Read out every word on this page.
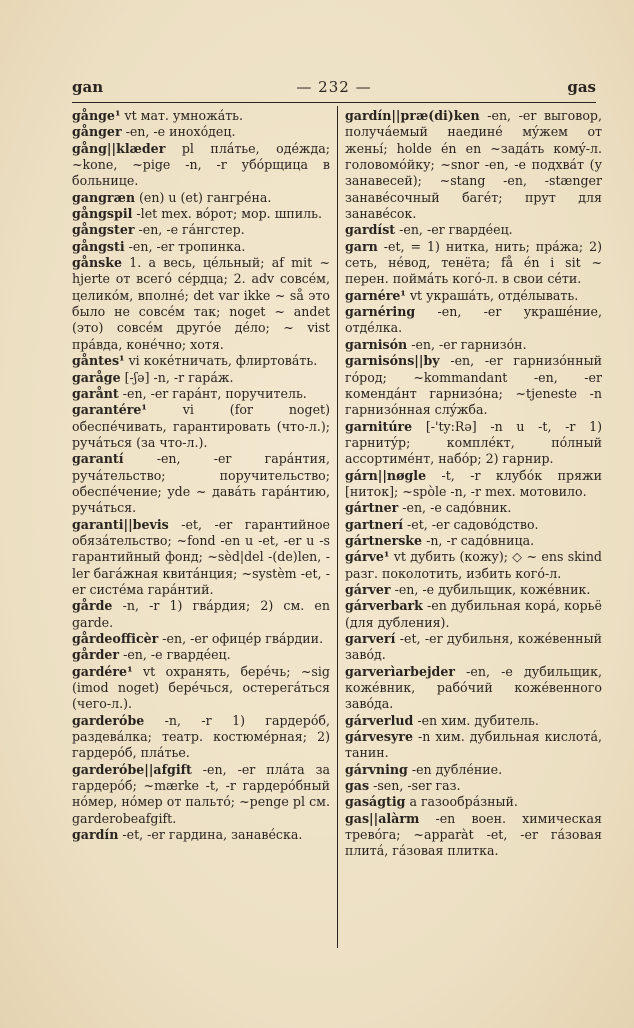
gan	— 232 —	gas

gånge¹ vt мат. умножáть.

gånger -en, -e инохóдец.

gång||klæder pl плáтье, одéжда; ~kone, ~pige -n, -r убóрщица в больнице.

gangræn (en) u (et) гангрéна.

gångspil -let mex. вóрот; мор. шпиль.

gångster -en, -e гáнгстер.

gångsti -en, -er тропинка.

gånske 1. a весь, цéльный; af mit ~ hjerte от всегó сéрдца; 2. adv совсéм, целикóм, вполнé; det var ikke ~ så это было не совсéм так; noget ~ andet (это) совсéм другóе дéло; ~ vist прáвда, конéчно; хотя.

gåntes¹ vi кокéтничать, флиртовáть.

garåge [-ʃə] -n, -r гарáж.

garånt -en, -er гарáнт, поручитель.

garantére¹ vi (for noget) обеспéчивать, гарантировать (что-л.); ручáться (за что-л.).

garantí -en, -er гарáнтия, ручáтельство; поручительство; обеспéчение; yde ~ давáть гарáнтию, ручáться.

garanti||bevis -et, -er гарантийное обязáтельство; ~fond -en u -et, -er u -s гарантийный фонд; ~sèd|del -(de)len, -ler багáжная квитáнция; ~systèm -et, -er систéма гарáнтий.

gårde -n, -r 1) гвáрдия; 2) см. en garde.

gårdeofficèr -en, -er офицéр гвáрдии.

gårder -en, -e гвардéец.

gardére¹ vt охранять, берéчь; ~sig (imod noget) берéчься, остерегáться (чего-л.).

garderóbe -n, -r 1) гардерóб, раздевáлка; театр. костюмéрная; 2) гардерóб, плáтье.

garderóbe||afgift -en, -er плáта за гардерóб; ~mærke -t, -r гардерóбный нóмер, нóмер от пальтó; ~penge pl см. garderobeafgift.

gardín -et, -er гардина, занавéска.

gardín||præ(di)ken -en, -er выговор, получáемый наединé мýжем от женьí; holde én en ~задáть комý-л. головомóйку; ~snor -en, -e подхвáт (у занавесей); ~stang -en, -stænger занавéсочный багéт; прут для занавéсок.

gardíst -en, -er гвардéец.

garn -et, = 1) нитка, нить; прáжа; 2) сеть, нéвод, тенёта; få én i sit ~ перен. поймáть когó-л. в свои сéти.

garnére¹ vt украшáть, отдéлывать.

garnéring -en, -er украшéние, отдéлка.

garnisón -en, -er гарнизóн.

garnisóns||by -en, -er гарнизóнный гóрод; ~kommandant -en, -er комендáнт гарнизóна; ~tjeneste -n гарнизóнная слýжба.

garnitúre [-'ty:Rə] -n u -t, -r 1) гарнитýр; комплéкт, пóлный ассортимéнт, набóр; 2) гарнир.

gárn||nøgle -t, -r клубóк пряжи [ниток]; ~spòle -n, -r mex. мотовило.

gártner -en, -e садóвник.

gartnerí -et, -er садовóдство.

gártnerske -n, -r садóвница.

gárve¹ vt дубить (кожу); ◇ ~ ens skind разг. поколотить, избить когó-л.

gárver -en, -e дубильщик, кожéвник.

gárverbark -en дубильная корá, корьё (для дубления).

garverí -et, -er дубильня, кожéвенный завóд.

garverìarbejder -en, -e дубильщик, кожéвник, рабóчий кожéвенного завóда.

gárverlud -en хим. дубитель.

gárvesyre -n хим. дубильная кислотá, танин.

gárvning -en дублéние.

gas -sen, -ser газ.

gaságtig a газообрáзный.

gas||alàrm -en воен. химическая тревóга; ~apparàt -et, -er гáзовая плитá, гáзовая плитка.
